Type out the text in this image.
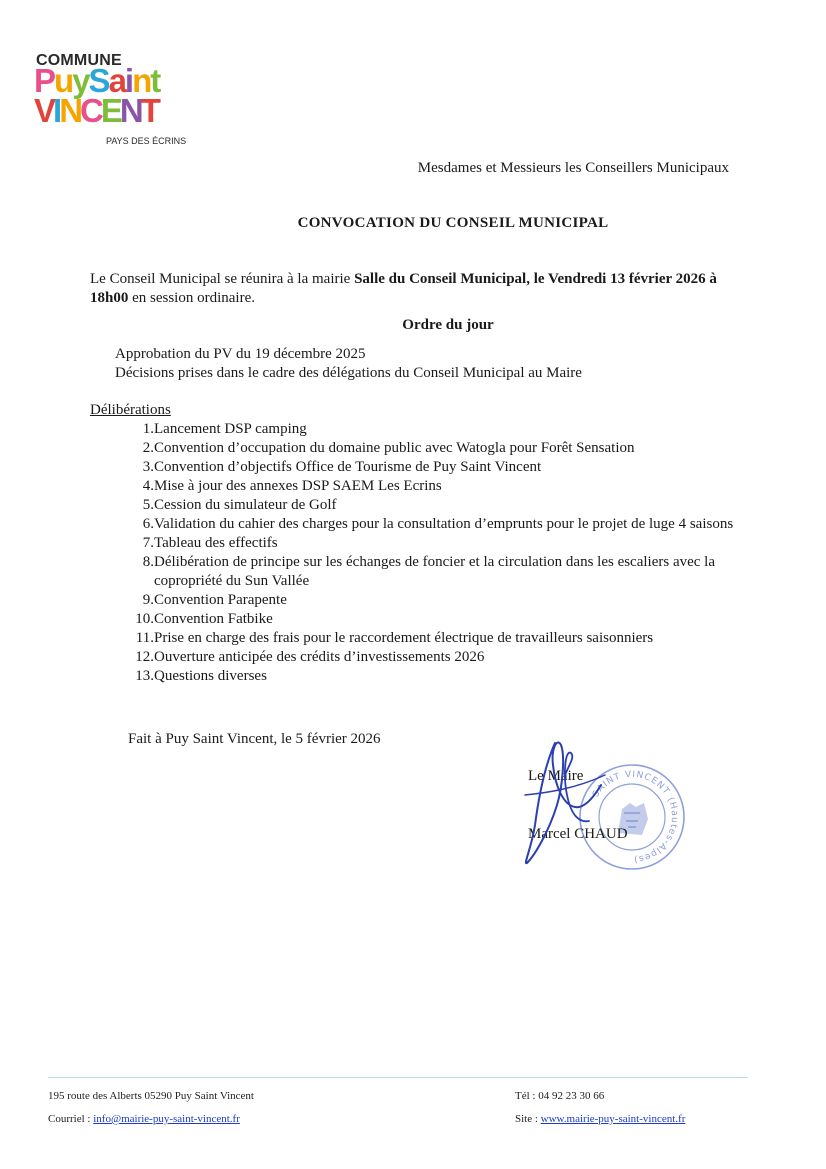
COMMUNE
PuySaint
VINCENT
PAYS DES ÉCRINS
Mesdames et Messieurs les Conseillers Municipaux
CONVOCATION DU CONSEIL MUNICIPAL
Le Conseil Municipal se réunira à la mairie Salle du Conseil Municipal, le Vendredi 13 février 2026 à 18h00 en session ordinaire.
Ordre du jour
Approbation du PV du 19 décembre 2025
Décisions prises dans le cadre des délégations du Conseil Municipal au Maire
Délibérations
1. Lancement DSP camping
2. Convention d’occupation du domaine public avec Watogla pour Forêt Sensation
3. Convention d’objectifs Office de Tourisme de Puy Saint Vincent
4. Mise à jour des annexes DSP SAEM Les Ecrins
5. Cession du simulateur de Golf
6. Validation du cahier des charges pour la consultation d’emprunts pour le projet de luge 4 saisons
7. Tableau des effectifs
8. Délibération de principe sur les échanges de foncier et la circulation dans les escaliers avec la copropriété du Sun Vallée
9. Convention Parapente
10. Convention Fatbike
11. Prise en charge des frais pour le raccordement électrique de travailleurs saisonniers
12. Ouverture anticipée des crédits d’investissements 2026
13. Questions diverses
Fait à Puy Saint Vincent, le 5 février 2026
SAINT VINCENT (Hautes-Alpes)
Le Maire
Marcel CHAUD
195 route des Alberts 05290 Puy Saint Vincent
Courriel : info@mairie-puy-saint-vincent.fr
Tél : 04 92 23 30 66
Site : www.mairie-puy-saint-vincent.fr
